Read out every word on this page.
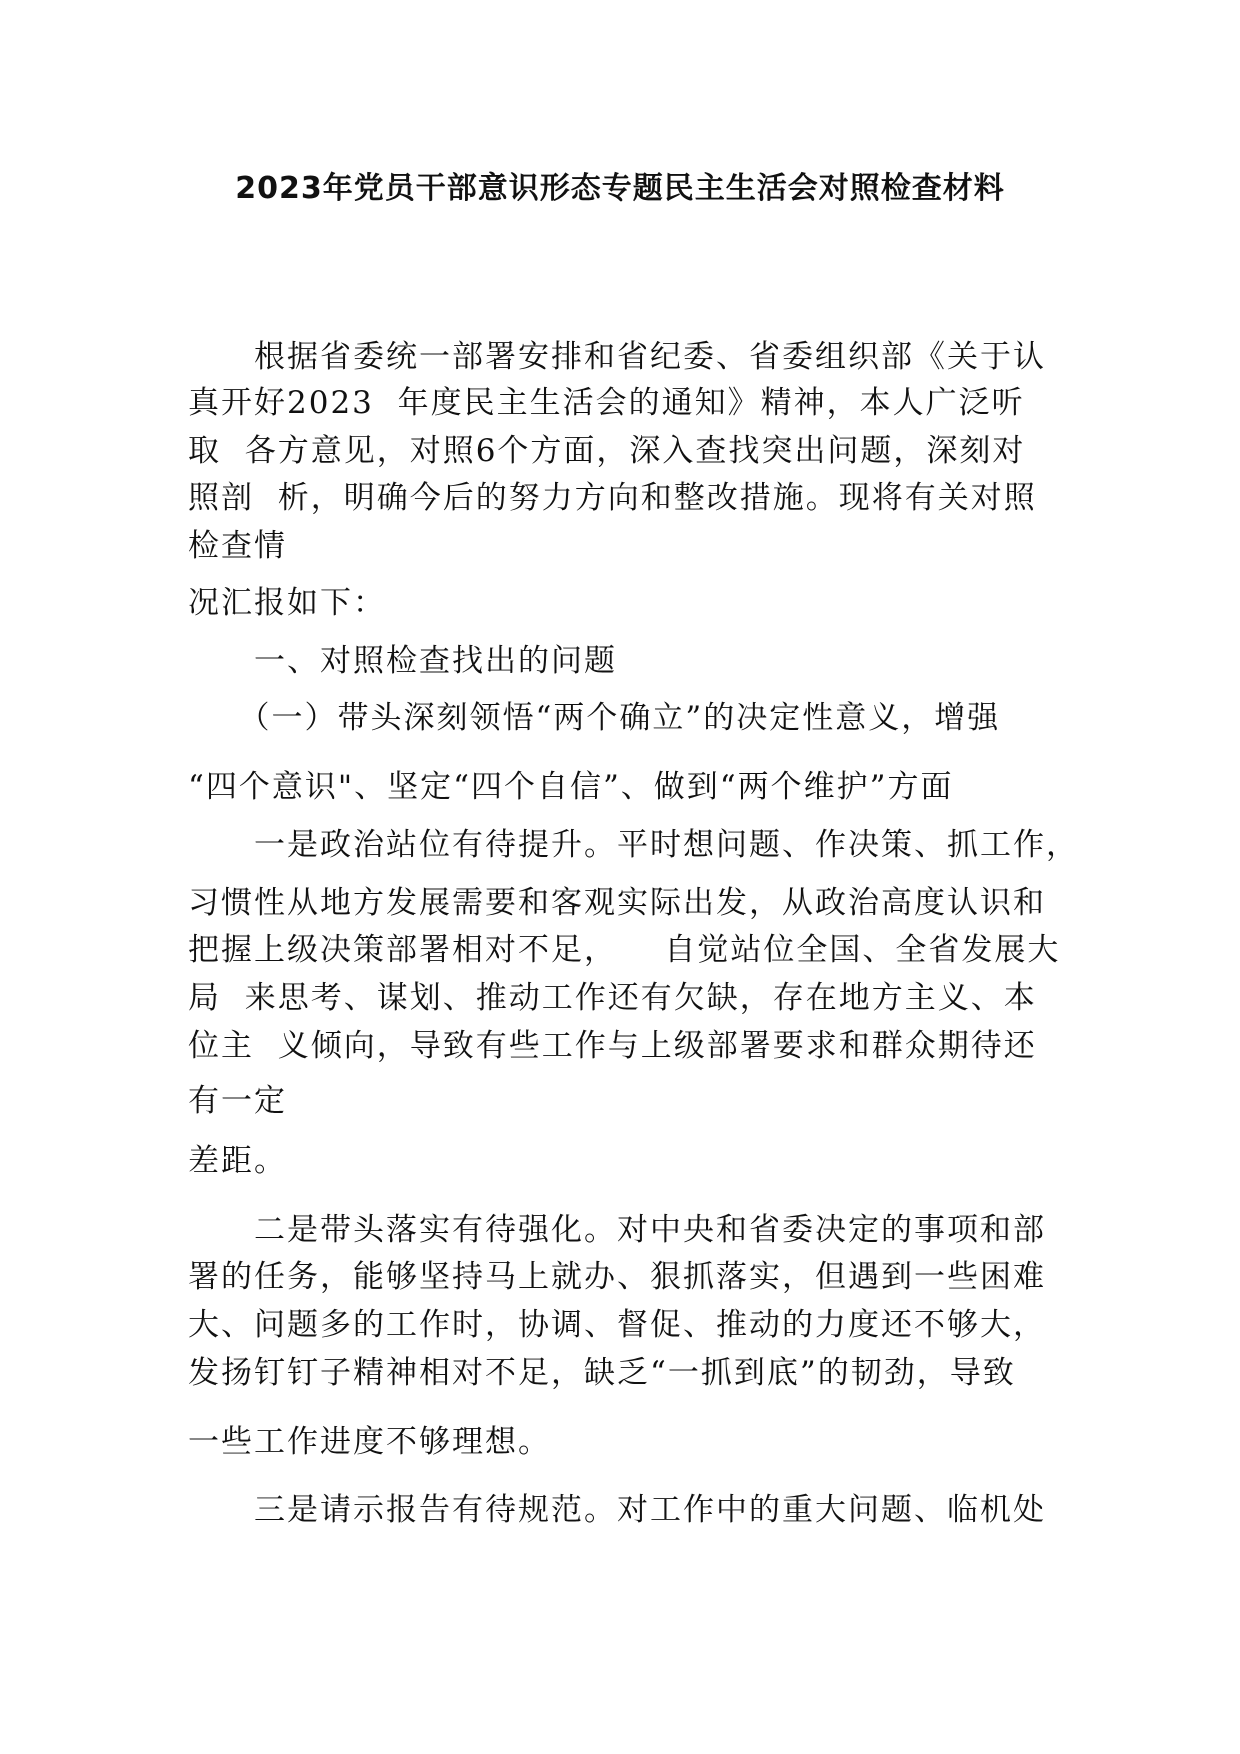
2023年党员干部意识形态专题民主生活会对照检查材料
　　根据省委统一部署安排和省纪委、省委组织部《关于认
真开好2023  年度民主生活会的通知》精神，本人广泛听
取  各方意见，对照6个方面，深入查找突出问题，深刻对
照剖  析，明确今后的努力方向和整改措施。现将有关对照
检查情
况汇报如下：
　　一、对照检查找出的问题
　　（一）带头深刻领悟“两个确立”的决定性意义，增强
“四个意识"、坚定“四个自信”、做到“两个维护”方面
　　一是政治站位有待提升。平时想问题、作决策、抓工作，
习惯性从地方发展需要和客观实际出发，从政治高度认识和
把握上级决策部署相对不足，    自觉站位全国、全省发展大
局  来思考、谋划、推动工作还有欠缺，存在地方主义、本
位主  义倾向，导致有些工作与上级部署要求和群众期待还
有一定
差距。
　　二是带头落实有待强化。对中央和省委决定的事项和部
署的任务，能够坚持马上就办、狠抓落实，但遇到一些困难
大、问题多的工作时，协调、督促、推动的力度还不够大，
发扬钉钉子精神相对不足，缺乏“一抓到底”的韧劲，导致
一些工作进度不够理想。
　　三是请示报告有待规范。对工作中的重大问题、临机处
